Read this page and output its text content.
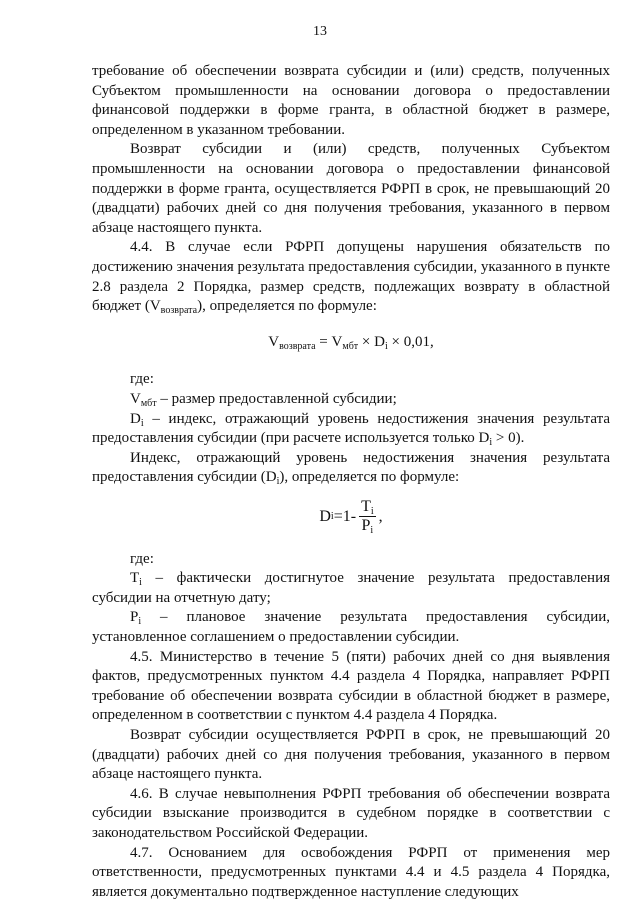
13

требование об обеспечении возврата субсидии и (или) средств, полученных Субъектом промышленности на основании договора о предоставлении финансовой поддержки в форме гранта, в областной бюджет в размере, определенном в указанном требовании.

Возврат субсидии и (или) средств, полученных Субъектом промышленности на основании договора о предоставлении финансовой поддержки в форме гранта, осуществляется РФРП в срок, не превышающий 20 (двадцати) рабочих дней со дня получения требования, указанного в первом абзаце настоящего пункта.

4.4. В случае если РФРП допущены нарушения обязательств по достижению значения результата предоставления субсидии, указанного в пункте 2.8 раздела 2 Порядка, размер средств, подлежащих возврату в областной бюджет $(V_{возврата})$, определяется по формуле:

$V_{возврата} = V_{мбт} \times D_i \times 0,01$,

где:

$V_{мбт}$ – размер предоставленной субсидии;

$D_i$ – индекс, отражающий уровень недостижения значения результата предоставления субсидии (при расчете используется только $D_i > 0$).

Индекс, отражающий уровень недостижения значения результата предоставления субсидии $(D_i)$, определяется по формуле:

D $i =1- \frac{T_i}{P_i}$ ,

где:

$T_i$ – фактически достигнутое значение результата предоставления субсидии на отчетную дату;

$P_i$ – плановое значение результата предоставления субсидии, установленное соглашением о предоставлении субсидии.

4.5. Министерство в течение 5 (пяти) рабочих дней со дня выявления фактов, предусмотренных пунктом 4.4 раздела 4 Порядка, направляет РФРП требование об обеспечении возврата субсидии в областной бюджет в размере, определенном в соответствии с пунктом 4.4 раздела 4 Порядка.

Возврат субсидии осуществляется РФРП в срок, не превышающий 20 (двадцати) рабочих дней со дня получения требования, указанного в первом абзаце настоящего пункта.

4.6. В случае невыполнения РФРП требования об обеспечении возврата субсидии взыскание производится в судебном порядке в соответствии с законодательством Российской Федерации.

4.7. Основанием для освобождения РФРП от применения мер ответственности, предусмотренных пунктами 4.4 и 4.5 раздела 4 Порядка, является документально подтвержденное наступление следующих
